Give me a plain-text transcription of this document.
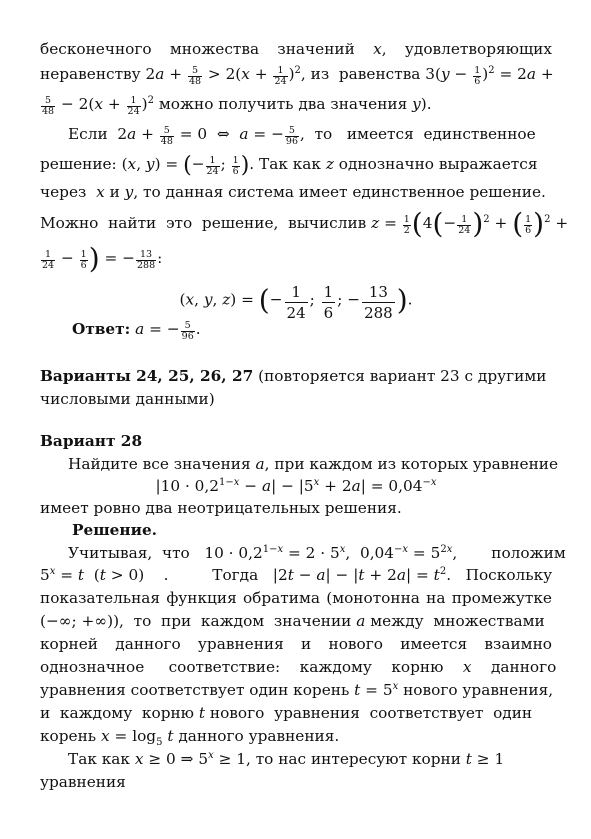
бесконечного множества значений x, удовлетворяющих
неравенству $2a + \frac{5}{48} > 2(x + \frac{1}{24} )^2$, из  равенства $3(y - \frac{1}{6} )^2 = 2a$ +
$\frac{5}{48} - 2(x + \frac{1}{24} )^2$ можно получить два значения y).
Если  $2a + \frac{5}{48} = 0$  ⇔  a = − $\frac{5}{96}$ ,  то   имеется  единственное
решение: (x, y) = (− $\frac{1}{24}$ ; $\frac{1}{6}$ ). Так как z однозначно выражается
через  x и y, то данная система имеет единственное решение.
Можно  найти  это  решение,  вычислив $z = \frac{1}{2} (4(- \frac{1}{24} )^2$ + ( $\frac{1}{6} )^2$ +
$\frac{1}{24} - \frac{1}{6}$ ) = − $\frac{13}{288}$ :
(x, y, z) = (− $\frac{1}{24}$ ; $\frac{1}{6}$ ; − $\frac{13}{288}$ ).
Ответ: a = − $\frac{5}{96}$ .
Варианты 24, 25, 26, 27 (повторяется вариант 23 с другими
числовыми данными)
Вариант 28
Найдите все значения a, при каждом из которых уравнение
$|10 \cdot 0,2^{1-x} - a| - |5^x + 2a| = 0,04^{-x}$
имеет ровно два неотрицательных решения.
Решение.
Учитывая,  что   $10 \cdot 0,2^{1-x} = 2 \cdot 5^x$,  $0,04^{-x} = 5^{2x}$,       положим
$5^x = t$  (t > 0)    .         Тогда   $|2t - a| - |t + 2a| = t^2$.   Поскольку
показательная функция обратима (монотонна на промежутке
(−∞; +∞)),  то  при  каждом  значении a между  множествами
корней данного уравнения и нового имеется взаимно
однозначное     соответствие:    каждому    корню    x    данного
уравнения соответствует один корень $t = 5^x$ нового уравнения,
и  каждому  корню t нового  уравнения  соответствует  один
корень $x = \log_5 t$ данного уравнения.
Так как x ≥ 0 ⇒ $5^x \ge 1$, то нас интересуют корни t ≥ 1
уравнения
